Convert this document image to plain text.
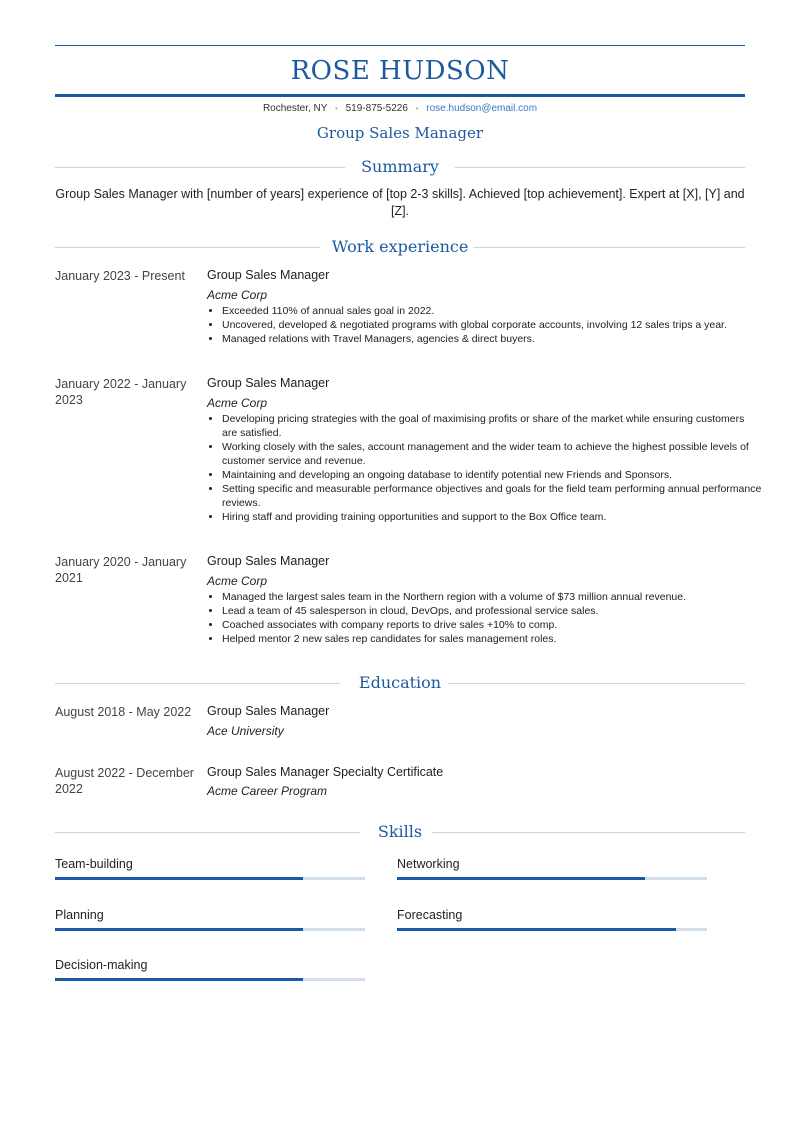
ROSE HUDSON
Rochester, NY • 519-875-5226 • rose.hudson@email.com
Group Sales Manager
Summary
Group Sales Manager with [number of years] experience of [top 2-3 skills]. Achieved [top achievement]. Expert at [X], [Y] and [Z].
Work experience
January 2023 - Present	Group Sales Manager
Acme Corp
• Exceeded 110% of annual sales goal in 2022.
• Uncovered, developed & negotiated programs with global corporate accounts, involving 12 sales trips a year.
• Managed relations with Travel Managers, agencies & direct buyers.
January 2022 - January 2023
Group Sales Manager
Acme Corp
• Developing pricing strategies with the goal of maximising profits or share of the market while ensuring customers are satisfied.
• Working closely with the sales, account management and the wider team to achieve the highest possible levels of customer service and revenue.
• Maintaining and developing an ongoing database to identify potential new Friends and Sponsors.
• Setting specific and measurable performance objectives and goals for the field team performing annual performance reviews.
• Hiring staff and providing training opportunities and support to the Box Office team.
January 2020 - January 2021
Group Sales Manager
Acme Corp
• Managed the largest sales team in the Northern region with a volume of $73 million annual revenue.
• Lead a team of 45 salesperson in cloud, DevOps, and professional service sales.
• Coached associates with company reports to drive sales +10% to comp.
• Helped mentor 2 new sales rep candidates for sales management roles.
Education
August 2018 - May 2022	Group Sales Manager
Ace University
August 2022 - December 2022
Group Sales Manager Specialty Certificate
Acme Career Program
Skills
Team-building	Networking
Planning	Forecasting
Decision-making
